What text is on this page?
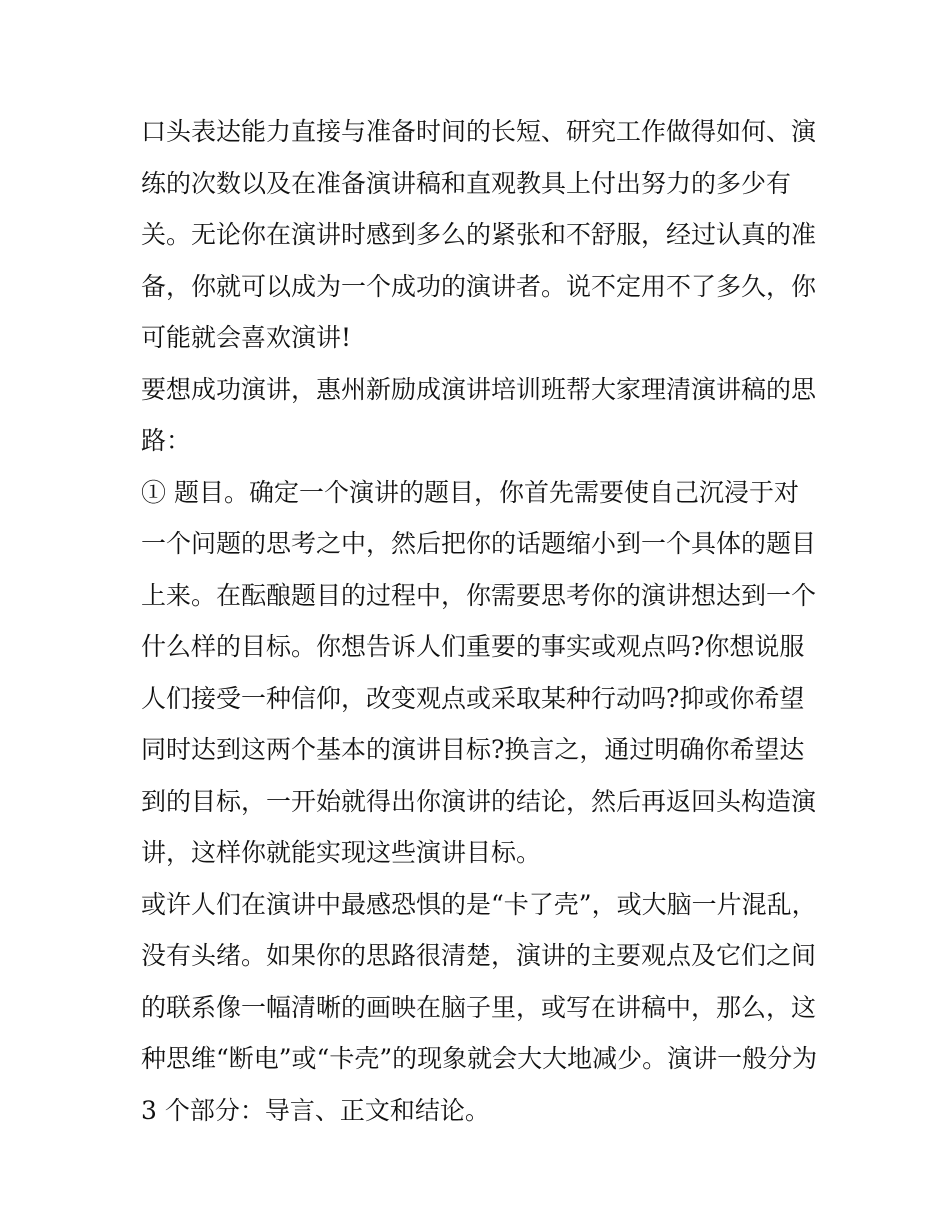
口头表达能力直接与准备时间的长短、研究工作做得如何、演
练的次数以及在准备演讲稿和直观教具上付出努力的多少有
关。无论你在演讲时感到多么的紧张和不舒服，经过认真的准
备，你就可以成为一个成功的演讲者。说不定用不了多久，你
可能就会喜欢演讲!
要想成功演讲，惠州新励成演讲培训班帮大家理清演讲稿的思
路：
① 题目。确定一个演讲的题目，你首先需要使自己沉浸于对
一个问题的思考之中，然后把你的话题缩小到一个具体的题目
上来。在酝酿题目的过程中，你需要思考你的演讲想达到一个
什么样的目标。你想告诉人们重要的事实或观点吗?你想说服
人们接受一种信仰，改变观点或采取某种行动吗?抑或你希望
同时达到这两个基本的演讲目标?换言之，通过明确你希望达
到的目标，一开始就得出你演讲的结论，然后再返回头构造演
讲，这样你就能实现这些演讲目标。
或许人们在演讲中最感恐惧的是“卡了壳”，或大脑一片混乱，
没有头绪。如果你的思路很清楚，演讲的主要观点及它们之间
的联系像一幅清晰的画映在脑子里，或写在讲稿中，那么，这
种思维“断电”或“卡壳”的现象就会大大地减少。演讲一般分为
3 个部分：导言、正文和结论。
